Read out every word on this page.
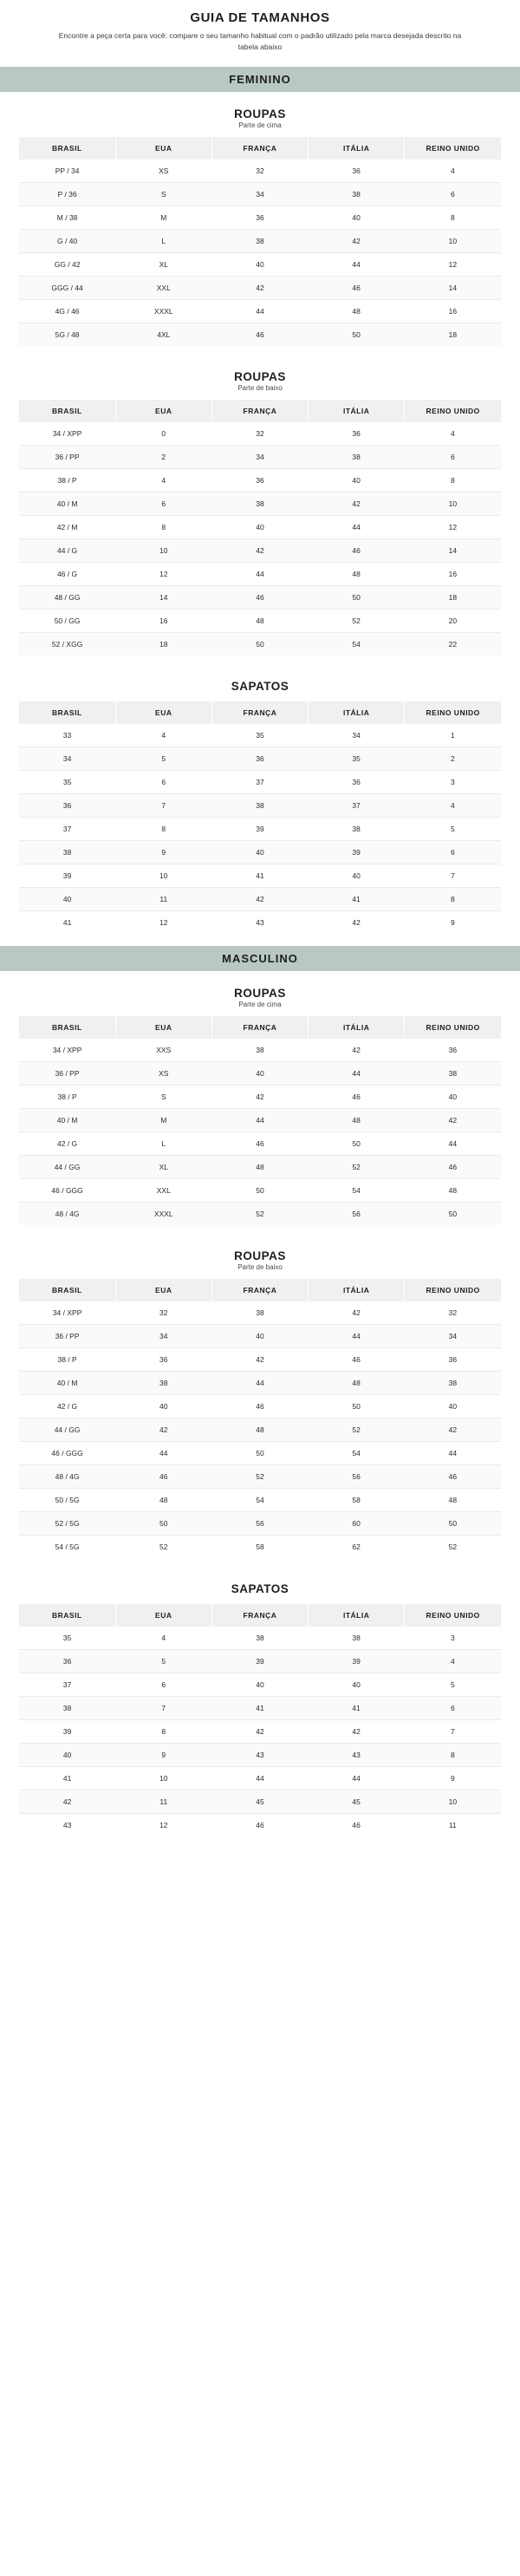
GUIA DE TAMANHOS
Encontre a peça certa para você: compare o seu tamanho habitual com o padrão utilizado pela marca desejada descrito na tabela abaixo
FEMININO
ROUPAS
Parte de cima
BRASIL	EUA	FRANÇA	ITÁLIA	REINO UNIDO
PP / 34	XS	32	36	4
P / 36	S	34	38	6
M / 38	M	36	40	8
G / 40	L	38	42	10
GG / 42	XL	40	44	12
GGG / 44	XXL	42	46	14
4G / 46	XXXL	44	48	16
5G / 48	4XL	46	50	18
ROUPAS
Parte de baixo
BRASIL	EUA	FRANÇA	ITÁLIA	REINO UNIDO
34 / XPP	0	32	36	4
36 / PP	2	34	38	6
38 / P	4	36	40	8
40 / M	6	38	42	10
42 / M	8	40	44	12
44 / G	10	42	46	14
46 / G	12	44	48	16
48 / GG	14	46	50	18
50 / GG	16	48	52	20
52 / XGG	18	50	54	22
SAPATOS
BRASIL	EUA	FRANÇA	ITÁLIA	REINO UNIDO
33	4	35	34	1
34	5	36	35	2
35	6	37	36	3
36	7	38	37	4
37	8	39	38	5
38	9	40	39	6
39	10	41	40	7
40	11	42	41	8
41	12	43	42	9
MASCULINO
ROUPAS
Parte de cima
BRASIL	EUA	FRANÇA	ITÁLIA	REINO UNIDO
34 / XPP	XXS	38	42	36
36 / PP	XS	40	44	38
38 / P	S	42	46	40
40 / M	M	44	48	42
42 / G	L	46	50	44
44 / GG	XL	48	52	46
46 / GGG	XXL	50	54	48
48 / 4G	XXXL	52	56	50
ROUPAS
Parte de baixo
BRASIL	EUA	FRANÇA	ITÁLIA	REINO UNIDO
34 / XPP	32	38	42	32
36 / PP	34	40	44	34
38 / P	36	42	46	36
40 / M	38	44	48	38
42 / G	40	46	50	40
44 / GG	42	48	52	42
46 / GGG	44	50	54	44
48 / 4G	46	52	56	46
50 / 5G	48	54	58	48
52 / 5G	50	56	60	50
54 / 5G	52	58	62	52
SAPATOS
BRASIL	EUA	FRANÇA	ITÁLIA	REINO UNIDO
35	4	38	38	3
36	5	39	39	4
37	6	40	40	5
38	7	41	41	6
39	8	42	42	7
40	9	43	43	8
41	10	44	44	9
42	11	45	45	10
43	12	46	46	11
